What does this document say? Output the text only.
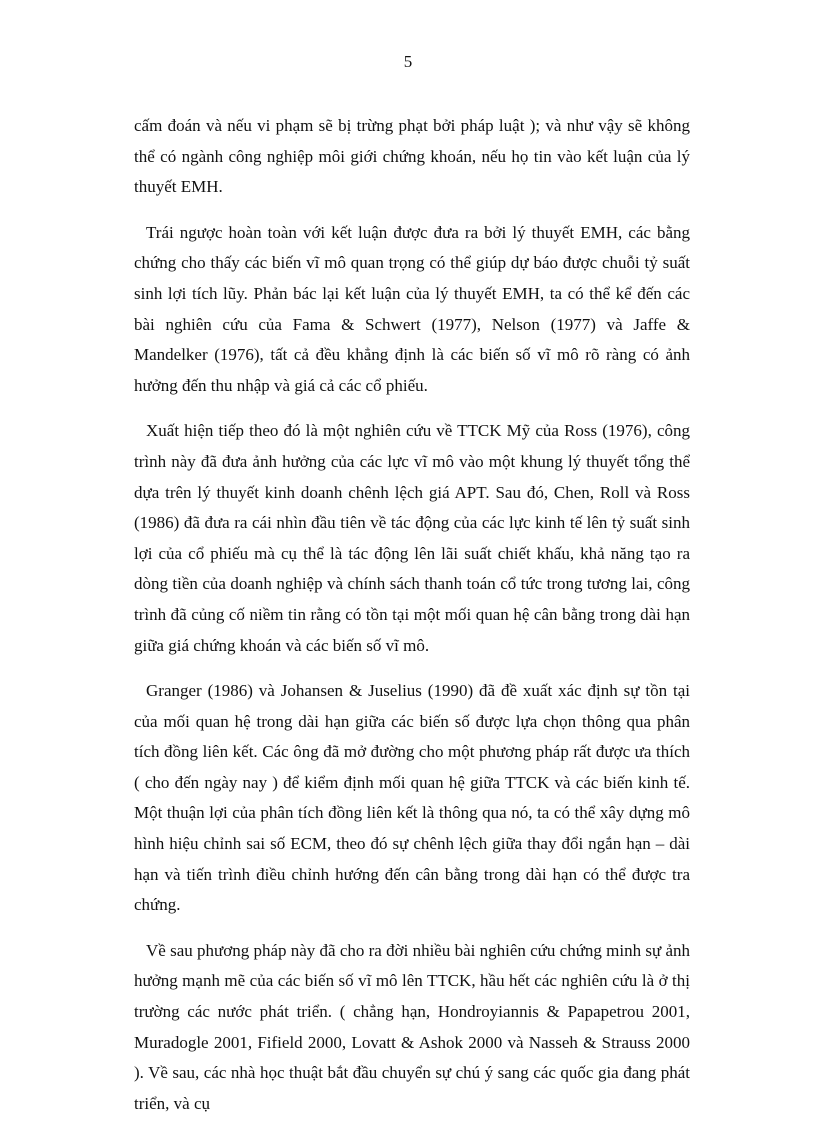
5

cấm đoán và nếu vi phạm sẽ bị trừng phạt bởi pháp luật ); và như vậy sẽ không thể có ngành công nghiệp môi giới chứng khoán, nếu họ tin vào kết luận của lý thuyết EMH.

Trái ngược hoàn toàn với kết luận được đưa ra bởi lý thuyết EMH, các bằng chứng cho thấy các biến vĩ mô quan trọng có thể giúp dự báo được chuỗi tỷ suất sinh lợi tích lũy. Phản bác lại kết luận của lý thuyết EMH, ta có thể kể đến các bài nghiên cứu của Fama & Schwert (1977), Nelson (1977) và Jaffe & Mandelker (1976), tất cả đều khẳng định là các biến số vĩ mô rõ ràng có ảnh hưởng đến thu nhập và giá cả các cổ phiếu.

Xuất hiện tiếp theo đó là một nghiên cứu về TTCK Mỹ của Ross (1976), công trình này đã đưa ảnh hưởng của các lực vĩ mô vào một khung lý thuyết tổng thể dựa trên lý thuyết kinh doanh chênh lệch giá APT. Sau đó, Chen, Roll và Ross (1986) đã đưa ra cái nhìn đầu tiên về tác động của các lực kinh tế lên tỷ suất sinh lợi của cổ phiếu mà cụ thể là tác động lên lãi suất chiết khấu, khả năng tạo ra dòng tiền của doanh nghiệp và chính sách thanh toán cổ tức trong tương lai, công trình đã củng cố niềm tin rằng có tồn tại một mối quan hệ cân bằng trong dài hạn giữa giá chứng khoán và các biến số vĩ mô.

Granger (1986) và Johansen & Juselius (1990) đã đề xuất xác định sự tồn tại của mối quan hệ trong dài hạn giữa các biến số được lựa chọn thông qua phân tích đồng liên kết. Các ông đã mở đường cho một phương pháp rất được ưa thích ( cho đến ngày nay ) để kiểm định mối quan hệ giữa TTCK và các biến kinh tế. Một thuận lợi của phân tích đồng liên kết là thông qua nó, ta có thể xây dựng mô hình hiệu chỉnh sai số ECM, theo đó sự chênh lệch giữa thay đổi ngắn hạn – dài hạn và tiến trình điều chỉnh hướng đến cân bằng trong dài hạn có thể được tra chứng.

Về sau phương pháp này đã cho ra đời nhiều bài nghiên cứu chứng minh sự ảnh hưởng mạnh mẽ của các biến số vĩ mô lên TTCK, hầu hết các nghiên cứu là ở thị trường các nước phát triển. ( chẳng hạn, Hondroyiannis & Papapetrou 2001, Muradogle 2001, Fifield 2000, Lovatt & Ashok 2000 và Nasseh & Strauss 2000 ). Về sau, các nhà học thuật bắt đầu chuyển sự chú ý sang các quốc gia đang phát triển, và cụ
